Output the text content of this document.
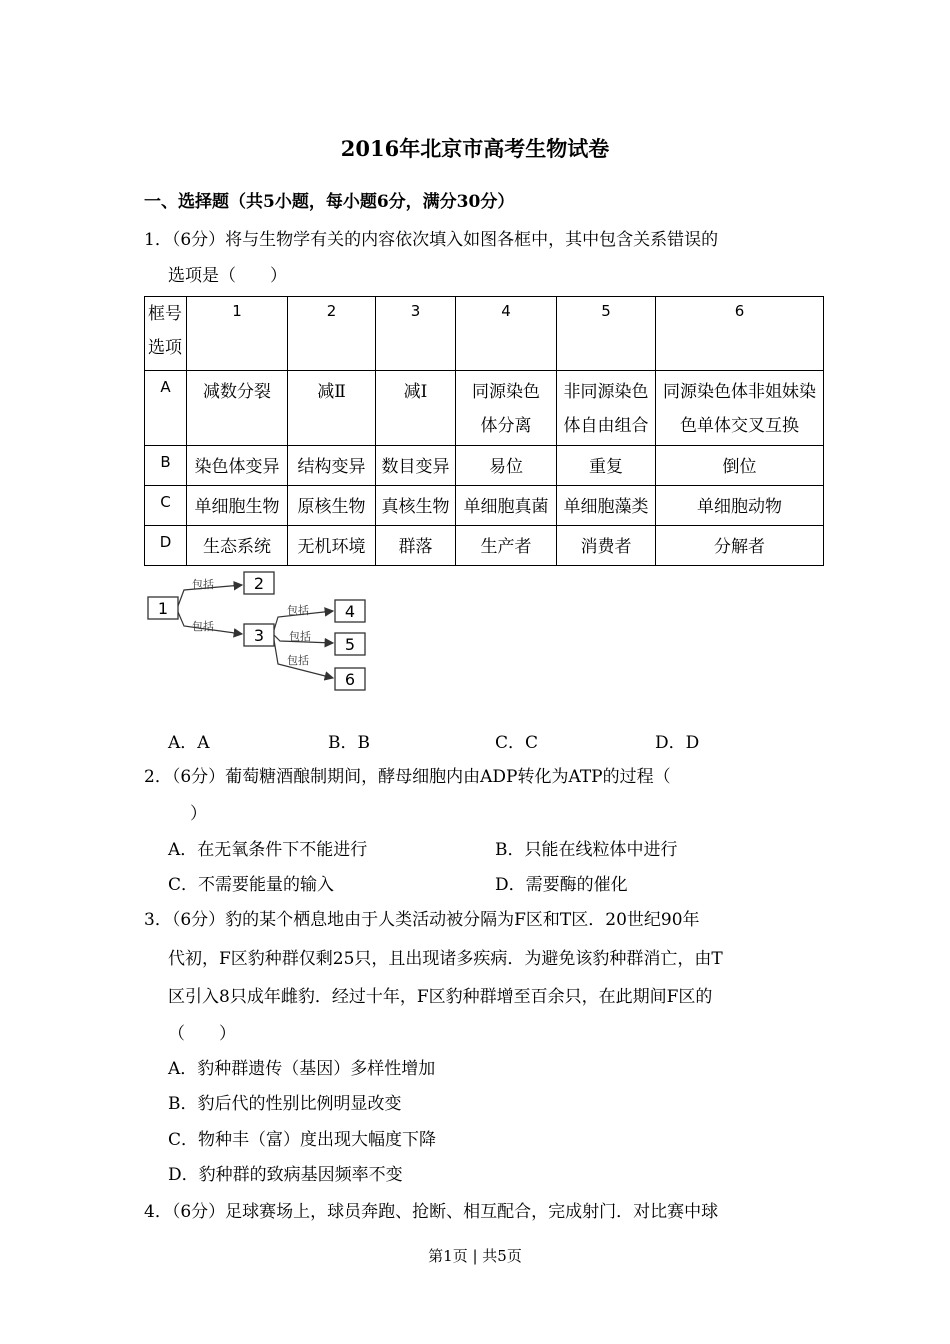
2016年北京市高考生物试卷
一、选择题（共5小题，每小题6分，满分30分）
1．（6分）将与生物学有关的内容依次填入如图各框中，其中包含关系错误的
选项是（　　）
框号
选项	1	2	3	4	5	6
A	减数分裂	减Ⅱ	减Ⅰ	同源染色体分离	非同源染色体自由组合	同源染色体非姐妹染色单体交叉互换
B	染色体变异	结构变异	数目变异	易位	重复	倒位
C	单细胞生物	原核生物	真核生物	单细胞真菌	单细胞藻类	单细胞动物
D	生态系统	无机环境	群落	生产者	消费者	分解者
1
2
3
4
5
6
包括
包括
包括
包括
包括
A．A	B．B	C．C	D．D
2．（6分）葡萄糖酒酿制期间，酵母细胞内由ADP转化为ATP的过程（
）
A．在无氧条件下不能进行	B．只能在线粒体中进行
C．不需要能量的输入	D．需要酶的催化
3．（6分）豹的某个栖息地由于人类活动被分隔为F区和T区．20世纪90年
代初，F区豹种群仅剩25只，且出现诸多疾病．为避免该豹种群消亡，由T
区引入8只成年雌豹．经过十年，F区豹种群增至百余只，在此期间F区的
（　　）
A．豹种群遗传（基因）多样性增加
B．豹后代的性别比例明显改变
C．物种丰（富）度出现大幅度下降
D．豹种群的致病基因频率不变
4．（6分）足球赛场上，球员奔跑、抢断、相互配合，完成射门．对比赛中球
第1页 | 共5页
